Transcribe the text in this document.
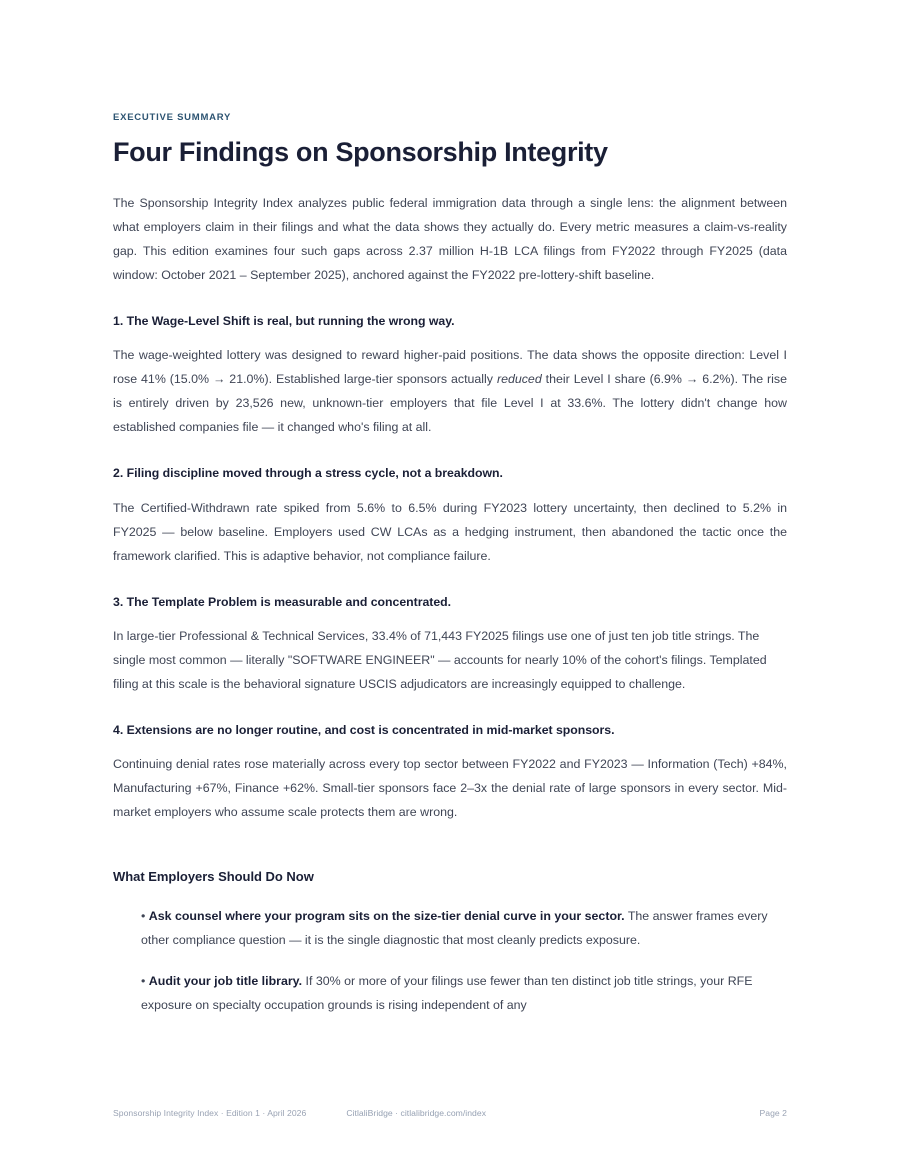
EXECUTIVE SUMMARY
Four Findings on Sponsorship Integrity

The Sponsorship Integrity Index analyzes public federal immigration data through a single lens: the alignment between what employers claim in their filings and what the data shows they actually do. Every metric measures a claim-vs-reality gap. This edition examines four such gaps across 2.37 million H-1B LCA filings from FY2022 through FY2025 (data window: October 2021 – September 2025), anchored against the FY2022 pre-lottery-shift baseline.

1. The Wage-Level Shift is real, but running the wrong way.

The wage-weighted lottery was designed to reward higher-paid positions. The data shows the opposite direction: Level I rose 41% (15.0% → 21.0%). Established large-tier sponsors actually reduced their Level I share (6.9% → 6.2%). The rise is entirely driven by 23,526 new, unknown-tier employers that file Level I at 33.6%. The lottery didn't change how established companies file — it changed who's filing at all.

2. Filing discipline moved through a stress cycle, not a breakdown.

The Certified-Withdrawn rate spiked from 5.6% to 6.5% during FY2023 lottery uncertainty, then declined to 5.2% in FY2025 — below baseline. Employers used CW LCAs as a hedging instrument, then abandoned the tactic once the framework clarified. This is adaptive behavior, not compliance failure.

3. The Template Problem is measurable and concentrated.

In large-tier Professional & Technical Services, 33.4% of 71,443 FY2025 filings use one of just ten job title strings. The single most common — literally "SOFTWARE ENGINEER" — accounts for nearly 10% of the cohort's filings. Templated filing at this scale is the behavioral signature USCIS adjudicators are increasingly equipped to challenge.

4. Extensions are no longer routine, and cost is concentrated in mid-market sponsors.

Continuing denial rates rose materially across every top sector between FY2022 and FY2023 — Information (Tech) +84%, Manufacturing +67%, Finance +62%. Small-tier sponsors face 2–3x the denial rate of large sponsors in every sector. Mid-market employers who assume scale protects them are wrong.

What Employers Should Do Now
• Ask counsel where your program sits on the size-tier denial curve in your sector. The answer frames every other compliance question — it is the single diagnostic that most cleanly predicts exposure.
• Audit your job title library. If 30% or more of your filings use fewer than ten distinct job title strings, your RFE exposure on specialty occupation grounds is rising independent of any
Sponsorship Integrity Index · Edition 1 · April 2026	CitlaliBridge · citlalibridge.com/index	Page 2
